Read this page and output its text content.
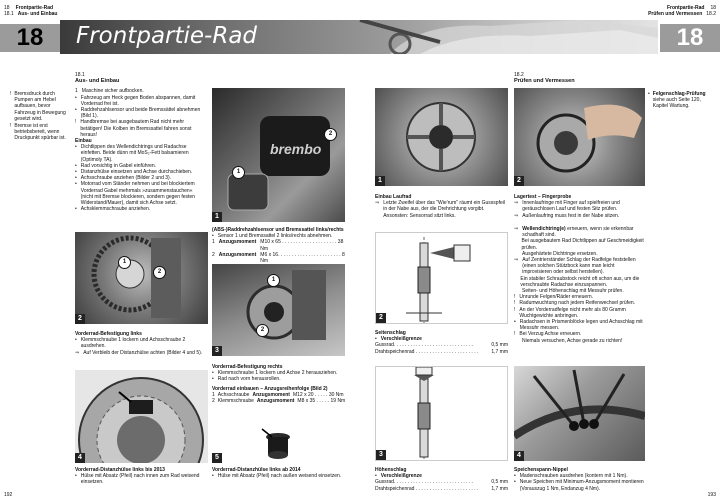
18 Frontpartie-Rad
18.1 Aus- und Einbau
Frontpartie-Rad 18
Prüfen und Vermessen 18.2
18	Frontpartie-Rad	18
! Bremsdruck durch Pumpen am Hebel aufbauen, bevor Fahrzeug in Bewegung gesetzt wird.
! Bremse ist erst betriebsbereit, wenn Druckpunkt spürbar ist.
18.1
Aus- und Einbau
1 Maschine sicher aufbocken.
• Fahrzeug am Heck gegen Boden abspannen, damit Vorderrad frei ist.
• Raddrehzahlsensor und beide Bremssättel abnehmen (Bild 1).
! Handbremse bei ausgebautem Rad nicht mehr betätigen! Die Kolben im Bremssattel fahren sonst heraus!
Einbau
• Dichtlippen des Wellendichtrings und Radachse einfetten. Beide dünn mit MoS₂-Fett balsamieren (Optimoly TA).
• Rad vorsichtig in Gabel einführen.
• Distanzhülse einsetzen und Achse durchschieben.
• Achsschraube anziehen (Bilder 2 und 3).
• Motorrad vom Ständer nehmen und bei blockiertem Vorderrad Gabel mehrmals »zusammenstauchen« (nicht mit Bremse blockieren, sondern gegen festen Widerstand/Mauer), damit sich Achse setzt.
• Achsklemmschraube anziehen.
brembo
1
2
1
(ABS-)Raddrehzahlsensor und Bremssattel links/rechts
• Sensor 1 und Bremssattel 2 links/rechts abnehmen.
1 Anzugsmoment M10 x 65 . . . . . . . . . . . . . . . . . . . . 38 Nm
2 Anzugsmoment M6 x 16. . . . . . . . . . . . . . . . . . . . . . . 8 Nm
1
2
2
1
2
3
Vorderrad-Befestigung links
• Klemmschraube 1 lockern und Achsschraube 2 ausdrehen.
⇒ Auf Verbleib der Distanzhülse achten (Bilder 4 und 5).
Vorderrad-Befestigung rechts
• Klemmschraube 1 lockern und Achse 2 herausziehen.
• Rad nach vorn herausrollen.
Vorderrad einbauen – Anzugsreihenfolge (Bild 2)
1 Achsschraube Anzugsmoment M12 x 20 . . . . . 30 Nm
2 Klemmschraube Anzugsmoment M8 x 35 . . . . . 19 Nm
4	5
Vorderrad-Distanzhülse links bis 2013
• Hülse mit Absatz (Pfeil) nach innen zum Rad weisend einsetzen.
Vorderrad-Distanzhülse links ab 2014
• Hülse mit Absatz (Pfeil) nach außen weisend einsetzen.
18.2
Prüfen und Vermessen
• Felgenschlag-Prüfung siehe auch Seite 120, Kapitel Wartung.
1	2
Einbau Laufrad
⇒ Letzte Zweifel über das "Wie'rum" räumt ein Gussspfeil in der Nabe aus, der die Drehrichtung vorgibt. Ansonsten: Sensorrad sitzt links.
Lagertest – Fingerprobe
⇒ Innenlaufringe mit Finger auf spielfreien und geräuschlosen Lauf und festen Sitz prüfen.
⇒ Außenlaufring muss fest in der Nabe sitzen.
⇒ Wellendichtring(e) erneuern, wenn sie erkennbar schadhaft sind.
Bei ausgebautem Rad Dichtlippen auf Geschmeidigkeit prüfen.
Ausgehärtete Dichtringe ersetzen.
⇒ Auf Zentrierständer Schlag der Radfelge feststellen (einen solchen Stützbock kann man leicht improvisieren oder selbst herstellen).
Ein stabiler Schraubstock reicht oft schon aus, um die verschraubte Radachse einzuspannen.
Seiten- und Höhenschlag mit Messuhr prüfen.
! Unrunde Felgen/Räder erneuern.
! Radumwuchtung nach jedem Reifenwechsel prüfen.
! An der Vorderradfelge nicht mehr als 80 Gramm Wuchtgewichte anbringen.
• Radachsen in Prismenblöcke legen und Achsschlag mit Messuhr messen.
! Bei Verzug Achse erneuern.
Niemals versuchen, Achse gerade zu richten!
2
Seitenschlag
• Verschleißgrenze
Gussrad. . . . . . . . . . . . . . . . . . . . . . . . . . . . .	0,5 mm
Drahtspeichenrad . . . . . . . . . . . . . . . . . . . . . . .	1,7 mm
3	4
Höhenschlag
• Verschleißgrenze
Gussrad. . . . . . . . . . . . . . . . . . . . . . . . . . . . .	0,5 mm
Drahtspeichenrad . . . . . . . . . . . . . . . . . . . . . . .	1,7 mm
Speichenspann-Nippel
• Madenschrauben ausdrehen (kontern mit 1 Nm).
• Neue Speichen mit Minimum-Anzugsmoment montieren (Vorauszug 1 Nm, Endanzug 4 Nm).
192	193
